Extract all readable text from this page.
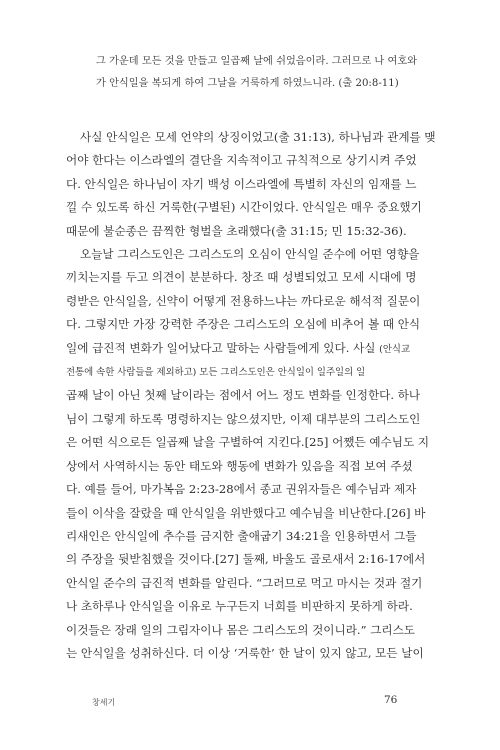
그 가운데 모든 것을 만들고 일곱째 날에 쉬었음이라. 그러므로 나 여호와
가 안식일을 복되게 하여 그날을 거룩하게 하였느니라. (출 20:8-11)
사실 안식일은 모세 언약의 상징이었고(출 31:13), 하나님과 관계를 맺
어야 한다는 이스라엘의 결단을 지속적이고 규칙적으로 상기시켜 주었
다. 안식일은 하나님이 자기 백성 이스라엘에 특별히 자신의 임재를 느
낄 수 있도록 하신 거룩한(구별된) 시간이었다. 안식일은 매우 중요했기
때문에 불순종은 끔찍한 형벌을 초래했다(출 31:15; 민 15:32-36).
오늘날 그리스도인은 그리스도의 오심이 안식일 준수에 어떤 영향을
끼치는지를 두고 의견이 분분하다. 창조 때 성별되었고 모세 시대에 명
령받은 안식일을, 신약이 어떻게 전용하느냐는 까다로운 해석적 질문이
다. 그렇지만 가장 강력한 주장은 그리스도의 오심에 비추어 볼 때 안식
일에 급진적 변화가 일어났다고 말하는 사람들에게 있다. 사실 (안식교
전통에 속한 사람들을 제외하고) 모든 그리스도인은 안식일이 일주일의 일
곱째 날이 아닌 첫째 날이라는 점에서 어느 정도 변화를 인정한다. 하나
님이 그렇게 하도록 명령하지는 않으셨지만, 이제 대부분의 그리스도인
은 어떤 식으로든 일곱째 날을 구별하여 지킨다.[25] 어쨌든 예수님도 지
상에서 사역하시는 동안 태도와 행동에 변화가 있음을 직접 보여 주셨
다. 예를 들어, 마가복음 2:23-28에서 종교 권위자들은 예수님과 제자
들이 이삭을 잘랐을 때 안식일을 위반했다고 예수님을 비난한다.[26] 바
리새인은 안식일에 추수를 금지한 출애굽기 34:21을 인용하면서 그들
의 주장을 뒷받침했을 것이다.[27] 둘째, 바울도 골로새서 2:16-17에서
안식일 준수의 급진적 변화를 알린다. “그러므로 먹고 마시는 것과 절기
나 초하루나 안식일을 이유로 누구든지 너희를 비판하지 못하게 하라.
이것들은 장래 일의 그림자이나 몸은 그리스도의 것이니라.” 그리스도
는 안식일을 성취하신다. 더 이상 ‘거룩한’ 한 날이 있지 않고, 모든 날이
창세기	76
